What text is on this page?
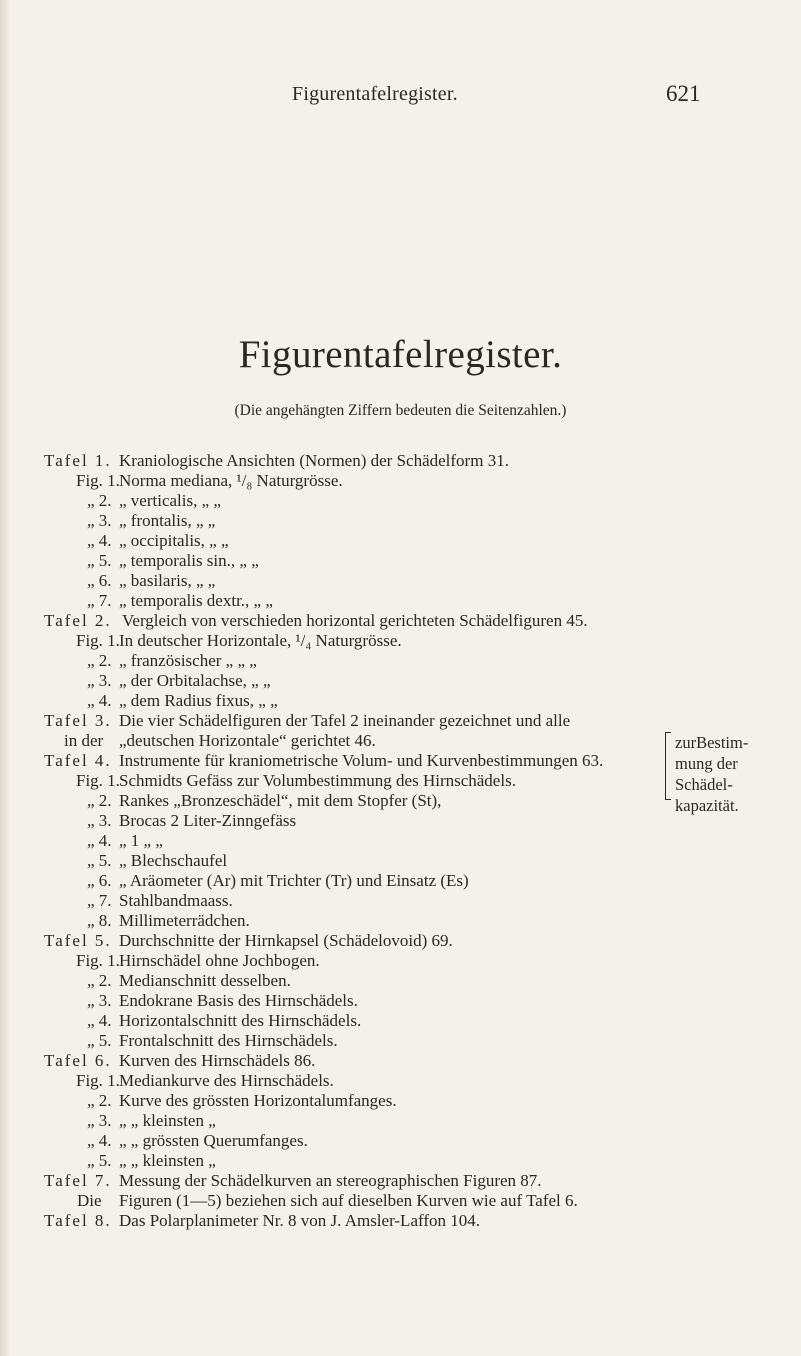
Figurentafelregister.	621
Figurentafelregister.
(Die angehängten Ziffern bedeuten die Seitenzahlen.)
Tafel 1. Kraniologische Ansichten (Normen) der Schädelform 31.
Fig. 1. Norma mediana, ¹/₈ Naturgrösse.
„ 2. „ verticalis, „ „
„ 3. „ frontalis, „ „
„ 4. „ occipitalis, „ „
„ 5. „ temporalis sin., „ „
„ 6. „ basilaris, „ „
„ 7. „ temporalis dextr., „ „
Tafel 2. Vergleich von verschieden horizontal gerichteten Schädelfiguren 45.
Fig. 1. In deutscher Horizontale, ¹/₄ Naturgrösse.
„ 2. „ französischer „ „ „
„ 3. „ der Orbitalachse, „ „
„ 4. „ dem Radius fixus, „ „
Tafel 3. Die vier Schädelfiguren der Tafel 2 ineinander gezeichnet und alle
in der „deutschen Horizontale“ gerichtet 46.
Tafel 4. Instrumente für kraniometrische Volum- und Kurvenbestimmungen 63.
Fig. 1. Schmidts Gefäss zur Volumbestimmung des Hirnschädels.
„ 2. Rankes „Bronzeschädel“, mit dem Stopfer (St),
„ 3. Brocas 2 Liter-Zinngefäss
„ 4. „ 1 „ „
„ 5. „ Blechschaufel
„ 6. „ Aräometer (Ar) mit Trichter (Tr) und Einsatz (Es)
„ 7. Stahlbandmaass.
„ 8. Millimeterrädchen.
Tafel 5. Durchschnitte der Hirnkapsel (Schädelovoid) 69.
Fig. 1. Hirnschädel ohne Jochbogen.
„ 2. Medianschnitt desselben.
„ 3. Endokrane Basis des Hirnschädels.
„ 4. Horizontalschnitt des Hirnschädels.
„ 5. Frontalschnitt des Hirnschädels.
Tafel 6. Kurven des Hirnschädels 86.
Fig. 1. Mediankurve des Hirnschädels.
„ 2. Kurve des grössten Horizontalumfanges.
„ 3. „ „ kleinsten „
„ 4. „ „ grössten Querumfanges.
„ 5. „ „ kleinsten „
Tafel 7. Messung der Schädelkurven an stereographischen Figuren 87.
Die Figuren (1—5) beziehen sich auf dieselben Kurven wie auf Tafel 6.
Tafel 8. Das Polarplanimeter Nr. 8 von J. Amsler-Laffon 104.
zurBestim-
mung der
Schädel-
kapazität.
